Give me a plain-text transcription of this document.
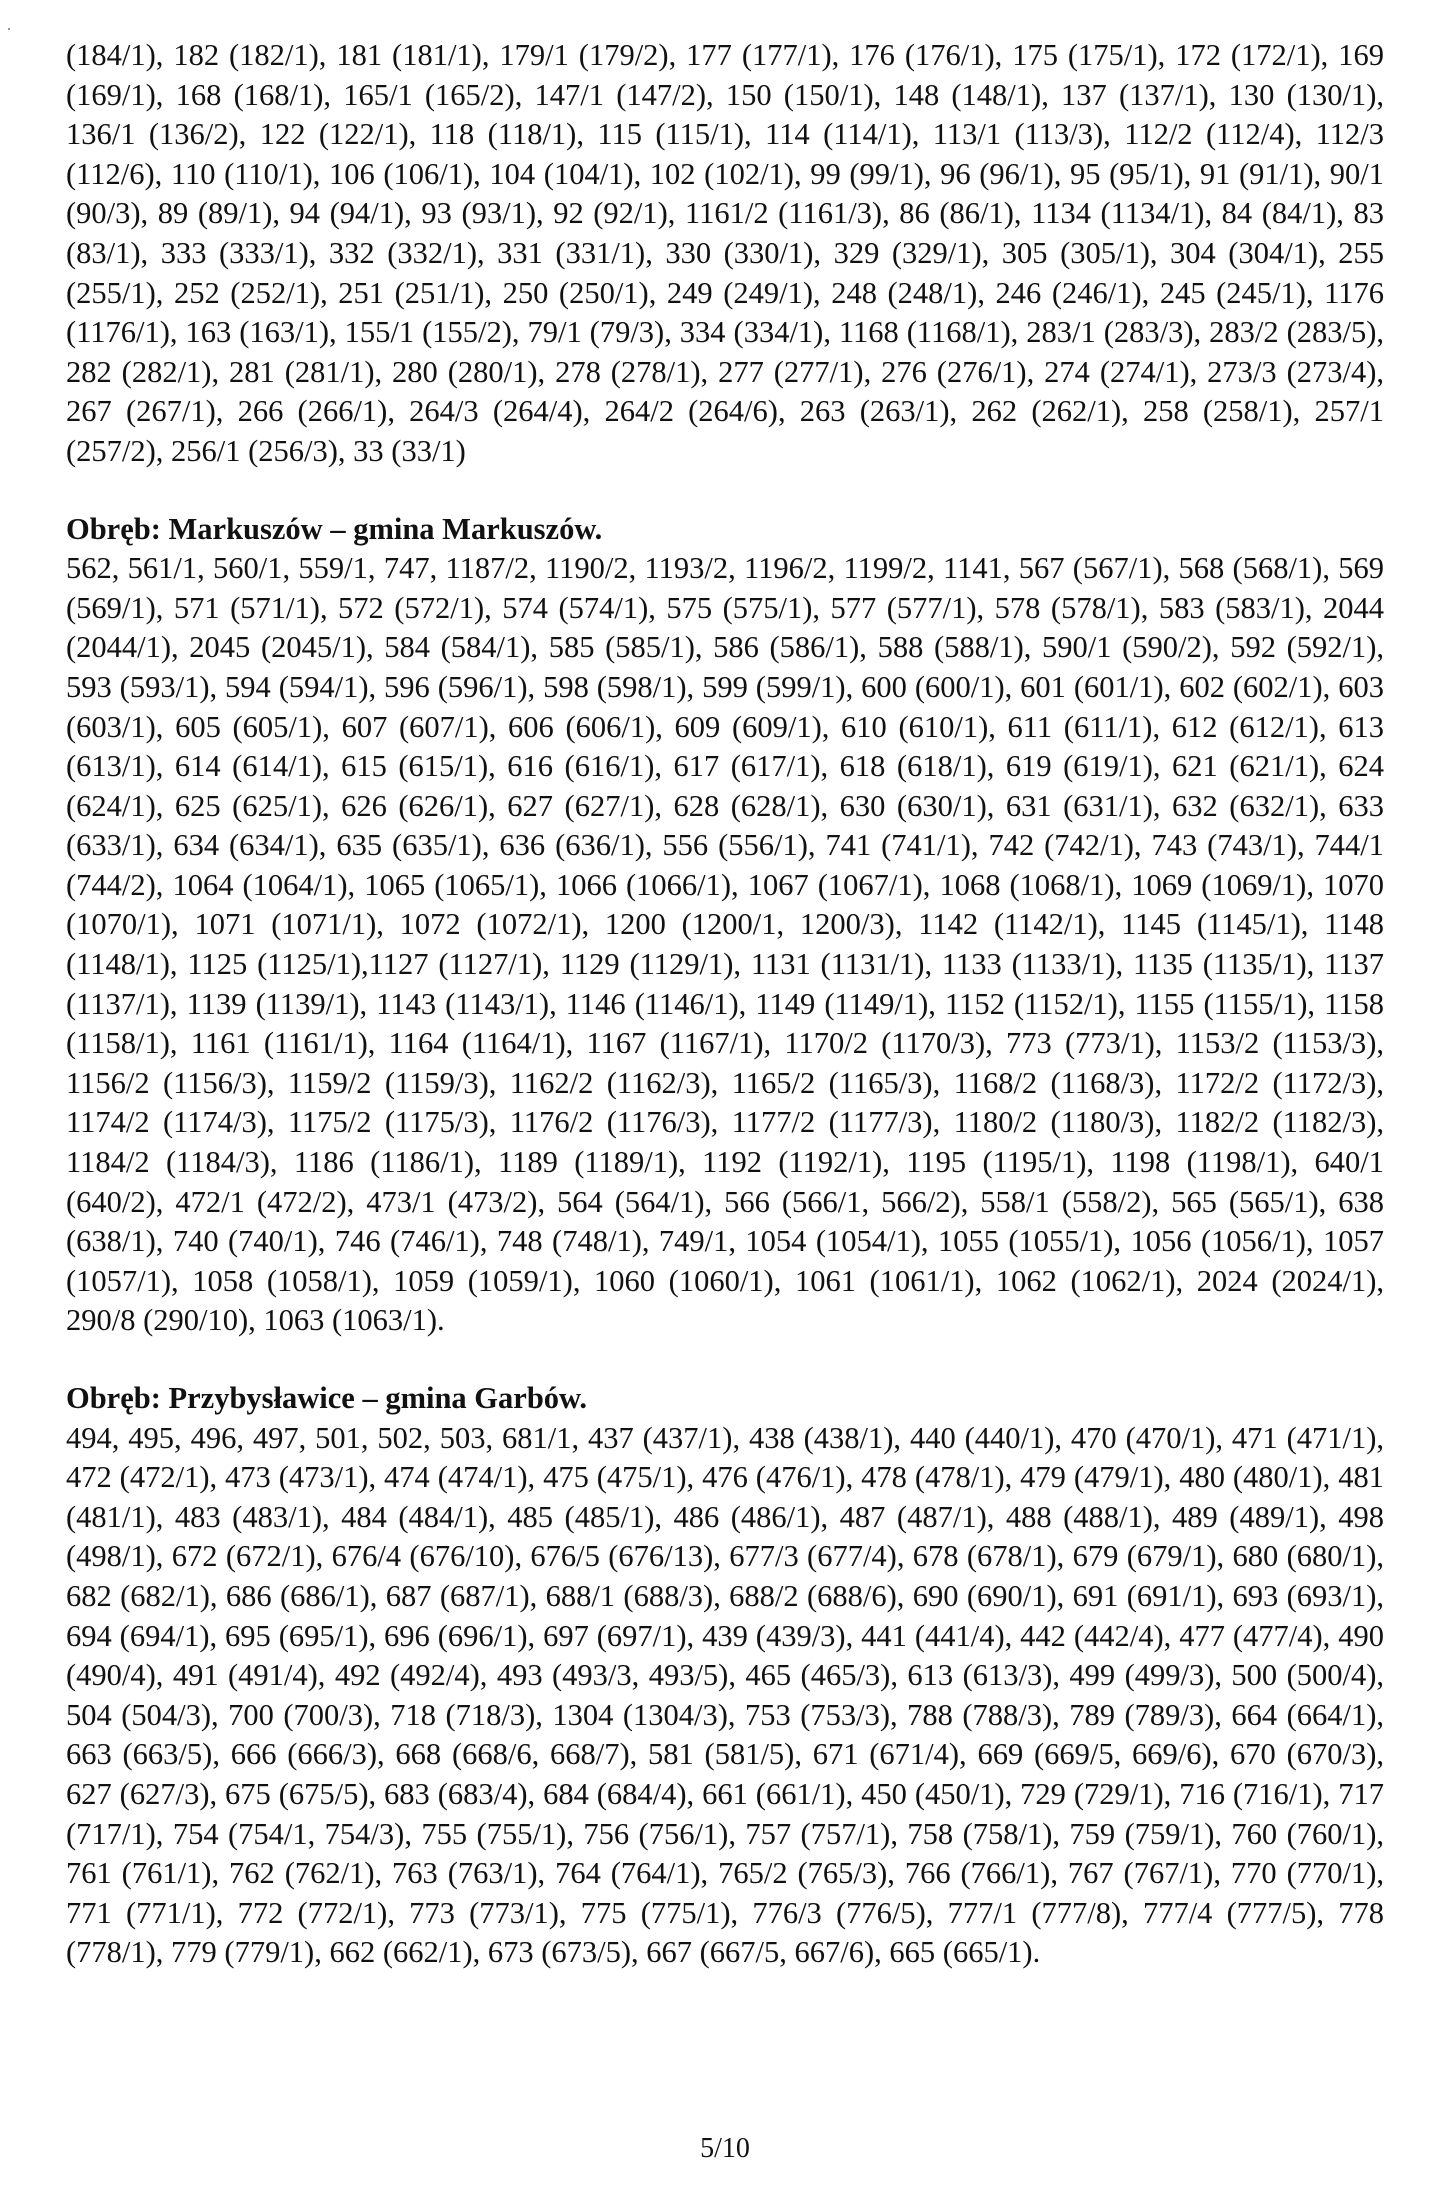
(184/1), 182 (182/1), 181 (181/1), 179/1 (179/2), 177 (177/1), 176 (176/1), 175 (175/1), 172 (172/1), 169 (169/1), 168 (168/1), 165/1 (165/2), 147/1 (147/2), 150 (150/1), 148 (148/1), 137 (137/1), 130 (130/1), 136/1 (136/2), 122 (122/1), 118 (118/1), 115 (115/1), 114 (114/1), 113/1 (113/3), 112/2 (112/4), 112/3 (112/6), 110 (110/1), 106 (106/1), 104 (104/1), 102 (102/1), 99 (99/1), 96 (96/1), 95 (95/1), 91 (91/1), 90/1 (90/3), 89 (89/1), 94 (94/1), 93 (93/1), 92 (92/1), 1161/2 (1161/3), 86 (86/1), 1134 (1134/1), 84 (84/1), 83 (83/1), 333 (333/1), 332 (332/1), 331 (331/1), 330 (330/1), 329 (329/1), 305 (305/1), 304 (304/1), 255 (255/1), 252 (252/1), 251 (251/1), 250 (250/1), 249 (249/1), 248 (248/1), 246 (246/1), 245 (245/1), 1176 (1176/1), 163 (163/1), 155/1 (155/2), 79/1 (79/3), 334 (334/1), 1168 (1168/1), 283/1 (283/3), 283/2 (283/5), 282 (282/1), 281 (281/1), 280 (280/1), 278 (278/1), 277 (277/1), 276 (276/1), 274 (274/1), 273/3 (273/4), 267 (267/1), 266 (266/1), 264/3 (264/4), 264/2 (264/6), 263 (263/1), 262 (262/1), 258 (258/1), 257/1 (257/2), 256/1 (256/3), 33 (33/1)

Obręb: Markuszów – gmina Markuszów.

562, 561/1, 560/1, 559/1, 747, 1187/2, 1190/2, 1193/2, 1196/2, 1199/2, 1141, 567 (567/1), 568 (568/1), 569 (569/1), 571 (571/1), 572 (572/1), 574 (574/1), 575 (575/1), 577 (577/1), 578 (578/1), 583 (583/1), 2044 (2044/1), 2045 (2045/1), 584 (584/1), 585 (585/1), 586 (586/1), 588 (588/1), 590/1 (590/2), 592 (592/1), 593 (593/1), 594 (594/1), 596 (596/1), 598 (598/1), 599 (599/1), 600 (600/1), 601 (601/1), 602 (602/1), 603 (603/1), 605 (605/1), 607 (607/1), 606 (606/1), 609 (609/1), 610 (610/1), 611 (611/1), 612 (612/1), 613 (613/1), 614 (614/1), 615 (615/1), 616 (616/1), 617 (617/1), 618 (618/1), 619 (619/1), 621 (621/1), 624 (624/1), 625 (625/1), 626 (626/1), 627 (627/1), 628 (628/1), 630 (630/1), 631 (631/1), 632 (632/1), 633 (633/1), 634 (634/1), 635 (635/1), 636 (636/1), 556 (556/1), 741 (741/1), 742 (742/1), 743 (743/1), 744/1 (744/2), 1064 (1064/1), 1065 (1065/1), 1066 (1066/1), 1067 (1067/1), 1068 (1068/1), 1069 (1069/1), 1070 (1070/1), 1071 (1071/1), 1072 (1072/1), 1200 (1200/1, 1200/3), 1142 (1142/1), 1145 (1145/1), 1148 (1148/1), 1125 (1125/1),1127 (1127/1), 1129 (1129/1), 1131 (1131/1), 1133 (1133/1), 1135 (1135/1), 1137 (1137/1), 1139 (1139/1), 1143 (1143/1), 1146 (1146/1), 1149 (1149/1), 1152 (1152/1), 1155 (1155/1), 1158 (1158/1), 1161 (1161/1), 1164 (1164/1), 1167 (1167/1), 1170/2 (1170/3), 773 (773/1), 1153/2 (1153/3), 1156/2 (1156/3), 1159/2 (1159/3), 1162/2 (1162/3), 1165/2 (1165/3), 1168/2 (1168/3), 1172/2 (1172/3), 1174/2 (1174/3), 1175/2 (1175/3), 1176/2 (1176/3), 1177/2 (1177/3), 1180/2 (1180/3), 1182/2 (1182/3), 1184/2 (1184/3), 1186 (1186/1), 1189 (1189/1), 1192 (1192/1), 1195 (1195/1), 1198 (1198/1), 640/1 (640/2), 472/1 (472/2), 473/1 (473/2), 564 (564/1), 566 (566/1, 566/2), 558/1 (558/2), 565 (565/1), 638 (638/1), 740 (740/1), 746 (746/1), 748 (748/1), 749/1, 1054 (1054/1), 1055 (1055/1), 1056 (1056/1), 1057 (1057/1), 1058 (1058/1), 1059 (1059/1), 1060 (1060/1), 1061 (1061/1), 1062 (1062/1), 2024 (2024/1), 290/8 (290/10), 1063 (1063/1).

Obręb: Przybysławice – gmina Garbów.

494, 495, 496, 497, 501, 502, 503, 681/1, 437 (437/1), 438 (438/1), 440 (440/1), 470 (470/1), 471 (471/1), 472 (472/1), 473 (473/1), 474 (474/1), 475 (475/1), 476 (476/1), 478 (478/1), 479 (479/1), 480 (480/1), 481 (481/1), 483 (483/1), 484 (484/1), 485 (485/1), 486 (486/1), 487 (487/1), 488 (488/1), 489 (489/1), 498 (498/1), 672 (672/1), 676/4 (676/10), 676/5 (676/13), 677/3 (677/4), 678 (678/1), 679 (679/1), 680 (680/1), 682 (682/1), 686 (686/1), 687 (687/1), 688/1 (688/3), 688/2 (688/6), 690 (690/1), 691 (691/1), 693 (693/1), 694 (694/1), 695 (695/1), 696 (696/1), 697 (697/1), 439 (439/3), 441 (441/4), 442 (442/4), 477 (477/4), 490 (490/4), 491 (491/4), 492 (492/4), 493 (493/3, 493/5), 465 (465/3), 613 (613/3), 499 (499/3), 500 (500/4), 504 (504/3), 700 (700/3), 718 (718/3), 1304 (1304/3), 753 (753/3), 788 (788/3), 789 (789/3), 664 (664/1), 663 (663/5), 666 (666/3), 668 (668/6, 668/7), 581 (581/5), 671 (671/4), 669 (669/5, 669/6), 670 (670/3), 627 (627/3), 675 (675/5), 683 (683/4), 684 (684/4), 661 (661/1), 450 (450/1), 729 (729/1), 716 (716/1), 717 (717/1), 754 (754/1, 754/3), 755 (755/1), 756 (756/1), 757 (757/1), 758 (758/1), 759 (759/1), 760 (760/1), 761 (761/1), 762 (762/1), 763 (763/1), 764 (764/1), 765/2 (765/3), 766 (766/1), 767 (767/1), 770 (770/1), 771 (771/1), 772 (772/1), 773 (773/1), 775 (775/1), 776/3 (776/5), 777/1 (777/8), 777/4 (777/5), 778 (778/1), 779 (779/1), 662 (662/1), 673 (673/5), 667 (667/5, 667/6), 665 (665/1).

5/10
